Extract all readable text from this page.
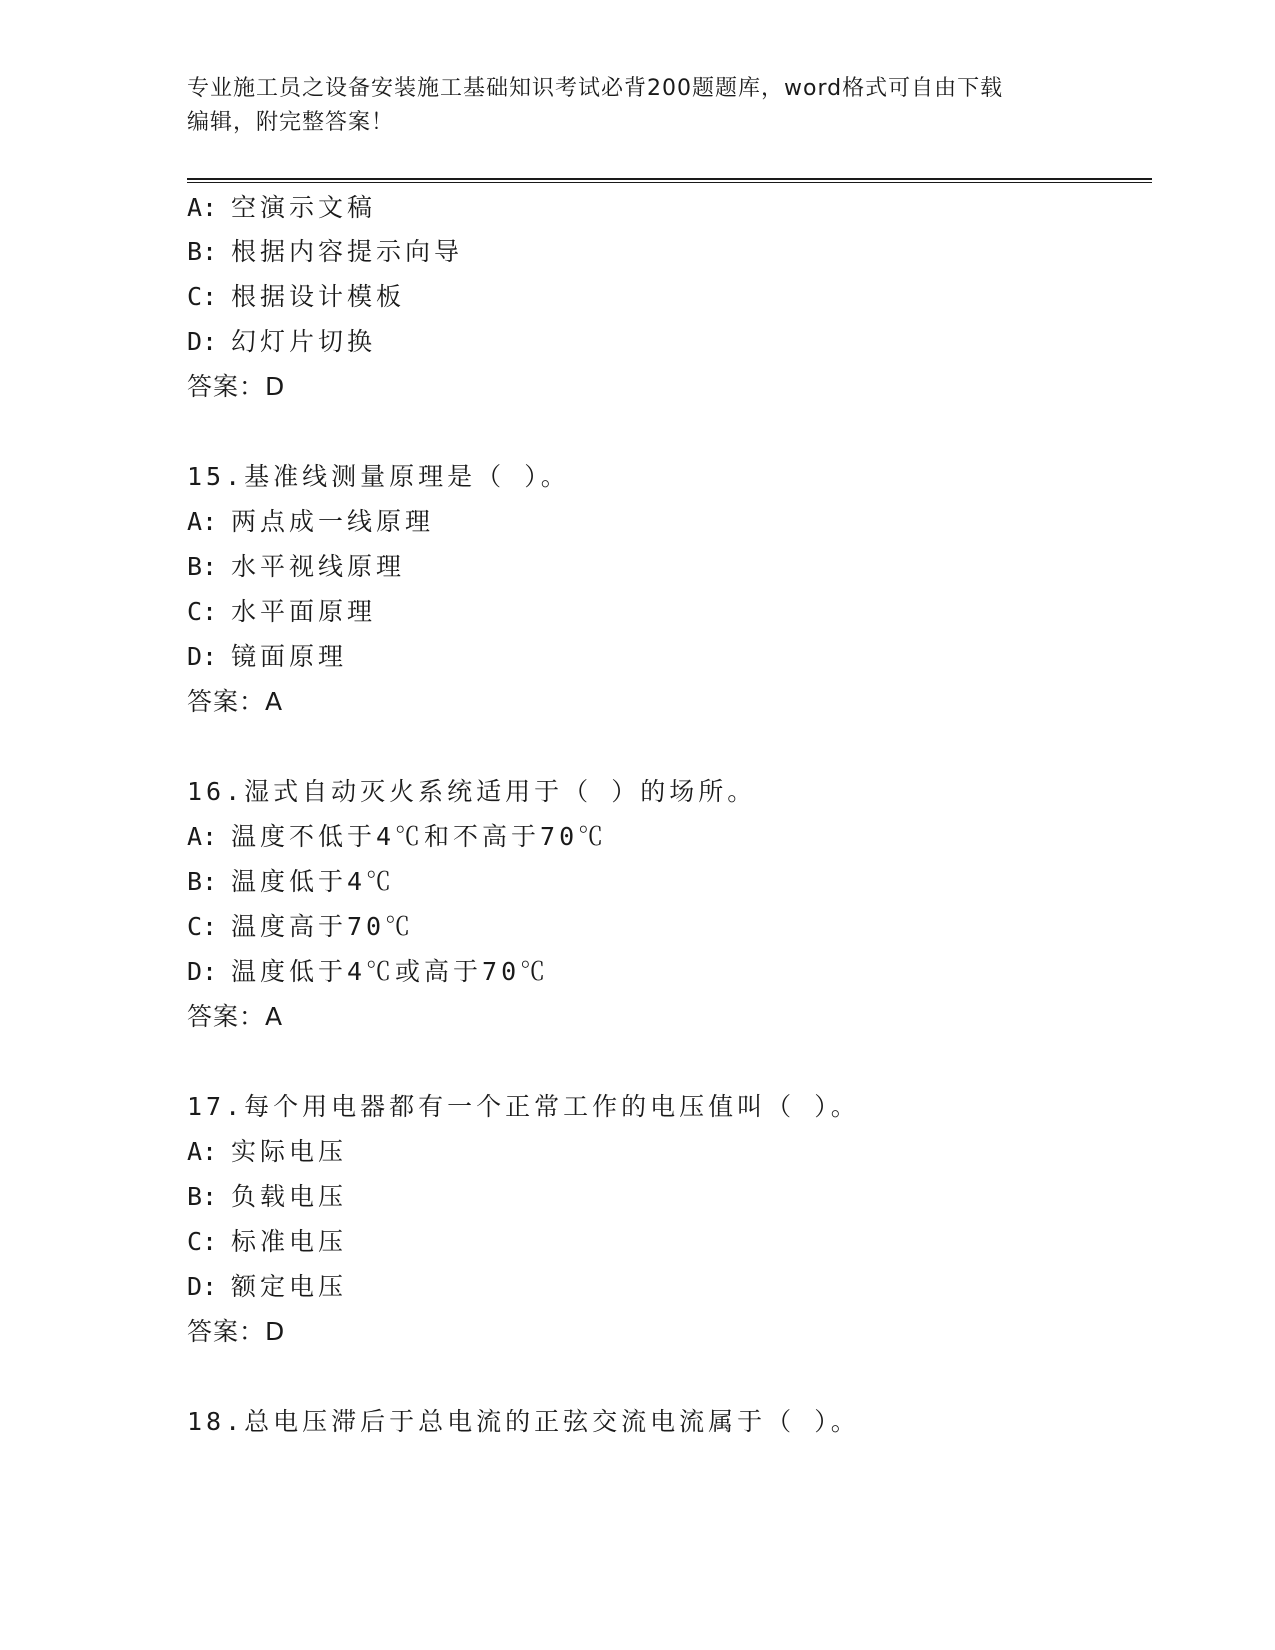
专业施工员之设备安装施工基础知识考试必背200题题库，word格式可自由下载
编辑，附完整答案！
A: 空演示文稿
B: 根据内容提示向导
C: 根据设计模板
D: 幻灯片切换
答案：D
15.基准线测量原理是（ ）。
A: 两点成一线原理
B: 水平视线原理
C: 水平面原理
D: 镜面原理
答案：A
16.湿式自动灭火系统适用于（ ）的场所。
A: 温度不低于4℃和不高于70℃
B: 温度低于4℃
C: 温度高于70℃
D: 温度低于4℃或高于70℃
答案：A
17.每个用电器都有一个正常工作的电压值叫（ ）。
A: 实际电压
B: 负载电压
C: 标准电压
D: 额定电压
答案：D
18.总电压滞后于总电流的正弦交流电流属于（ ）。
